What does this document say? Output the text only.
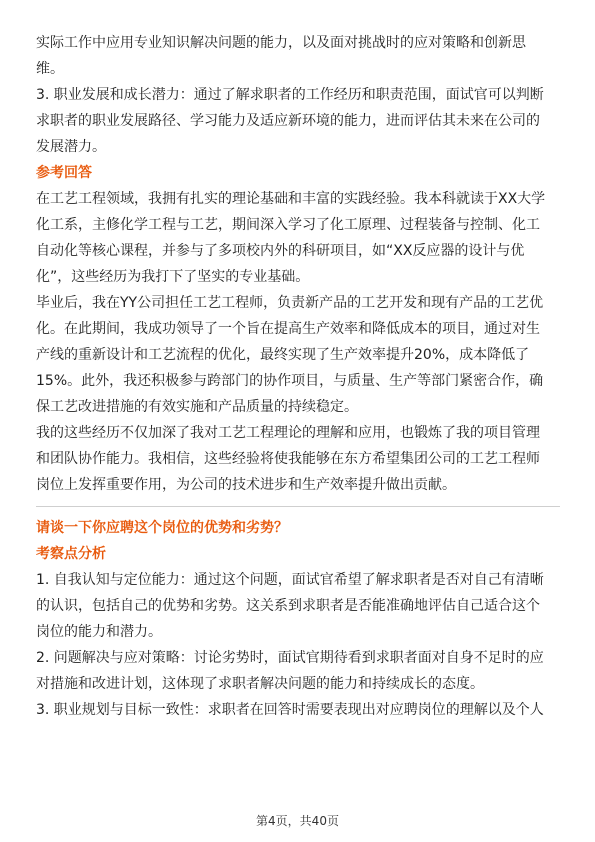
实际工作中应用专业知识解决问题的能力，以及面对挑战时的应对策略和创新思
维。

3. 职业发展和成长潜力：通过了解求职者的工作经历和职责范围，面试官可以判断
求职者的职业发展路径、学习能力及适应新环境的能力，进而评估其未来在公司的
发展潜力。

参考回答

在工艺工程领域，我拥有扎实的理论基础和丰富的实践经验。我本科就读于XX大学
化工系，主修化学工程与工艺，期间深入学习了化工原理、过程装备与控制、化工
自动化等核心课程，并参与了多项校内外的科研项目，如“XX反应器的设计与优
化”，这些经历为我打下了坚实的专业基础。

毕业后，我在YY公司担任工艺工程师，负责新产品的工艺开发和现有产品的工艺优
化。在此期间，我成功领导了一个旨在提高生产效率和降低成本的项目，通过对生
产线的重新设计和工艺流程的优化，最终实现了生产效率提升20%，成本降低了
15%。此外，我还积极参与跨部门的协作项目，与质量、生产等部门紧密合作，确
保工艺改进措施的有效实施和产品质量的持续稳定。

我的这些经历不仅加深了我对工艺工程理论的理解和应用，也锻炼了我的项目管理
和团队协作能力。我相信，这些经验将使我能够在东方希望集团公司的工艺工程师
岗位上发挥重要作用，为公司的技术进步和生产效率提升做出贡献。

请谈一下你应聘这个岗位的优势和劣势？

考察点分析

1. 自我认知与定位能力：通过这个问题，面试官希望了解求职者是否对自己有清晰
的认识，包括自己的优势和劣势。这关系到求职者是否能准确地评估自己适合这个
岗位的能力和潜力。

2. 问题解决与应对策略：讨论劣势时，面试官期待看到求职者面对自身不足时的应
对措施和改进计划，这体现了求职者解决问题的能力和持续成长的态度。

3. 职业规划与目标一致性：求职者在回答时需要表现出对应聘岗位的理解以及个人

第4页，共40页
